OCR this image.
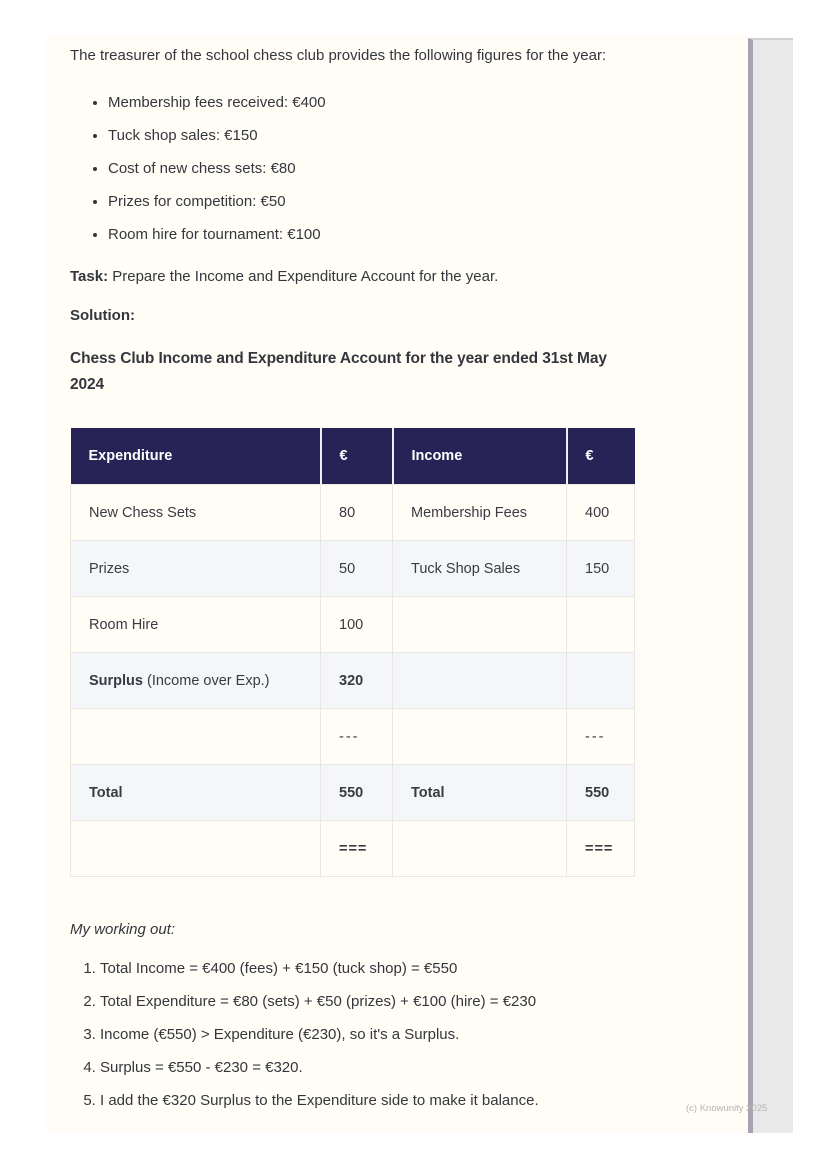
The treasurer of the school chess club provides the following figures for the year:

• Membership fees received: €400
• Tuck shop sales: €150
• Cost of new chess sets: €80
• Prizes for competition: €50
• Room hire for tournament: €100

Task: Prepare the Income and Expenditure Account for the year.

Solution:

Chess Club Income and Expenditure Account for the year ended 31st May 2024

Expenditure	€	Income	€
New Chess Sets	80	Membership Fees	400
Prizes	50	Tuck Shop Sales	150
Room Hire	100		
Surplus (Income over Exp.)	320		
	---		---
Total	550	Total	550
	===		===

My working out:

1. Total Income = €400 (fees) + €150 (tuck shop) = €550
2. Total Expenditure = €80 (sets) + €50 (prizes) + €100 (hire) = €230
3. Income (€550) > Expenditure (€230), so it's a Surplus.
4. Surplus = €550 - €230 = €320.
5. I add the €320 Surplus to the Expenditure side to make it balance.	(c) Knowunity 2025
